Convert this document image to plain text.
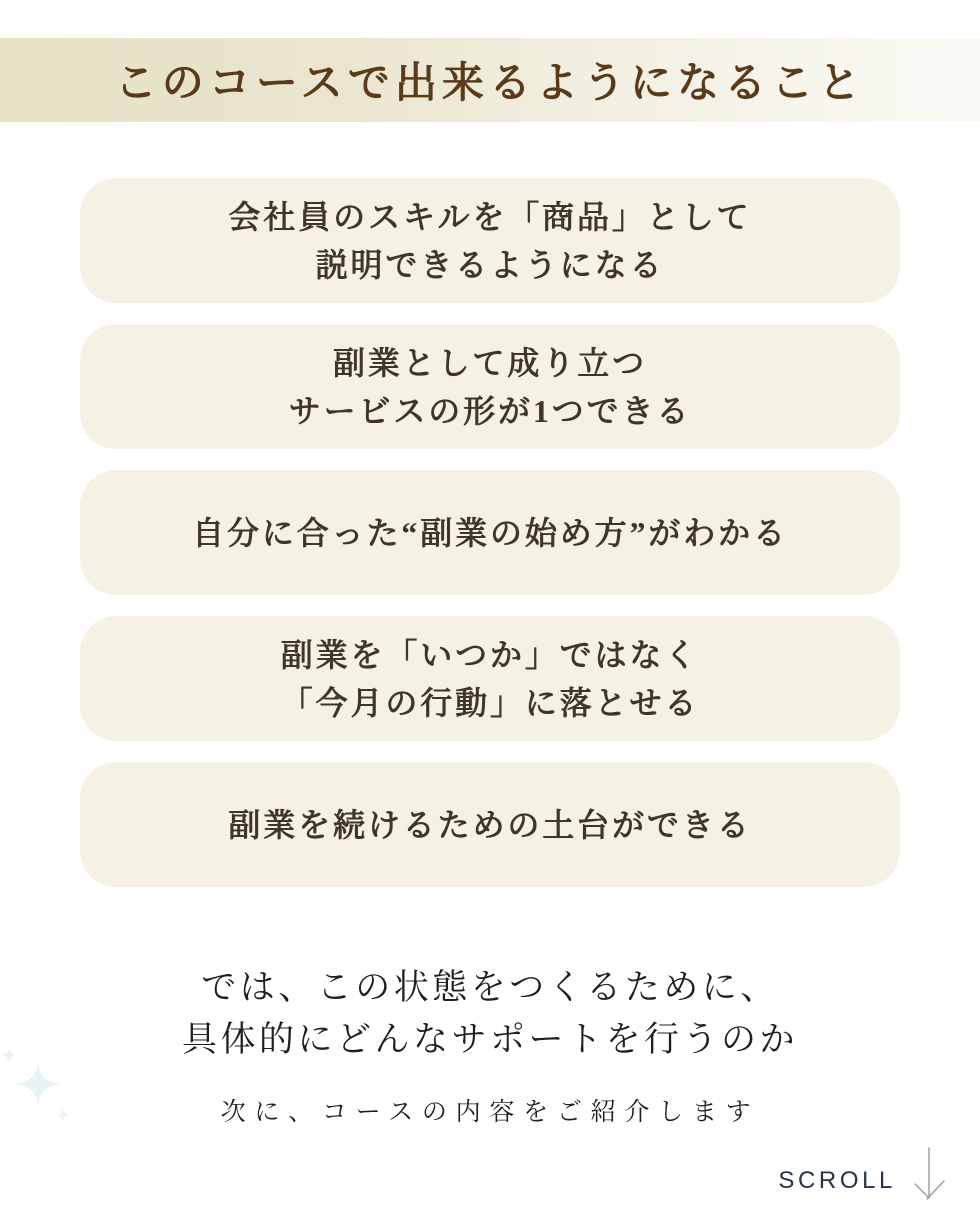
このコースで出来るようになること
会社員のスキルを「商品」として
説明できるようになる
副業として成り立つ
サービスの形が1つできる
自分に合った“副業の始め方”がわかる
副業を「いつか」ではなく
「今月の行動」に落とせる
副業を続けるための土台ができる
では、この状態をつくるために、
具体的にどんなサポートを行うのか
次に、コースの内容をご紹介します
SCROLL
